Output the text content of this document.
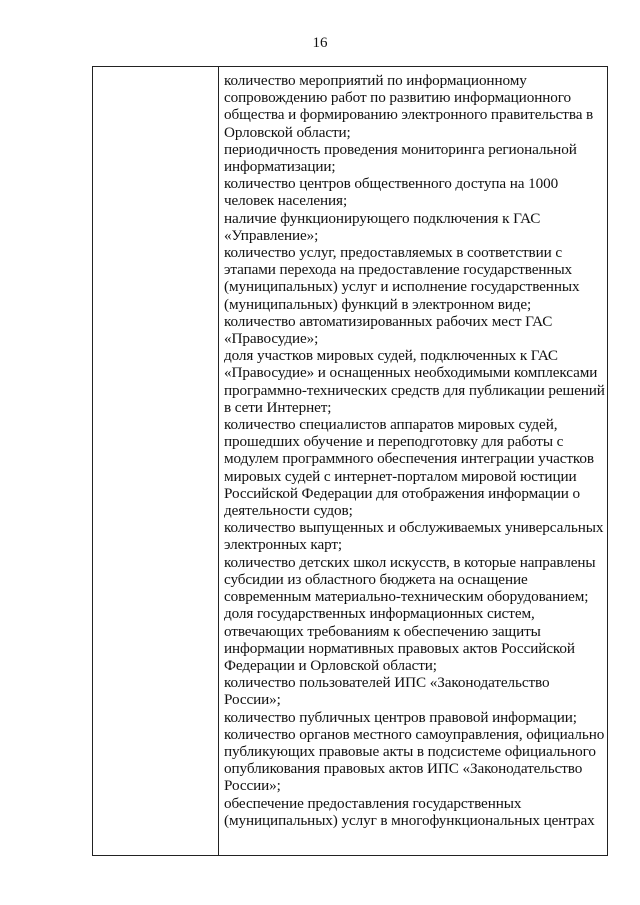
16
количество мероприятий по информационному
сопровождению работ по развитию информационного
общества и формированию электронного правительства в
Орловской области;
периодичность проведения мониторинга региональной
информатизации;
количество центров общественного доступа на 1000
человек населения;
наличие функционирующего подключения к ГАС
«Управление»;
количество услуг, предоставляемых в соответствии с
этапами перехода на предоставление государственных
(муниципальных) услуг и исполнение государственных
(муниципальных) функций в электронном виде;
количество автоматизированных рабочих мест ГАС
«Правосудие»;
доля участков мировых судей, подключенных к ГАС
«Правосудие» и оснащенных необходимыми комплексами
программно-технических средств для публикации решений
в сети Интернет;
количество специалистов аппаратов мировых судей,
прошедших обучение и переподготовку для работы с
модулем программного обеспечения интеграции участков
мировых судей с интернет-порталом мировой юстиции
Российской Федерации для отображения информации о
деятельности судов;
количество выпущенных и обслуживаемых универсальных
электронных карт;
количество детских школ искусств, в которые направлены
субсидии из областного бюджета на оснащение
современным материально-техническим оборудованием;
доля государственных информационных систем,
отвечающих требованиям к обеспечению защиты
информации нормативных правовых актов Российской
Федерации и Орловской области;
количество пользователей ИПС «Законодательство
России»;
количество публичных центров правовой информации;
количество органов местного самоуправления, официально
публикующих правовые акты в подсистеме официального
опубликования правовых актов ИПС «Законодательство
России»;
обеспечение предоставления государственных
(муниципальных) услуг в многофункциональных центрах
